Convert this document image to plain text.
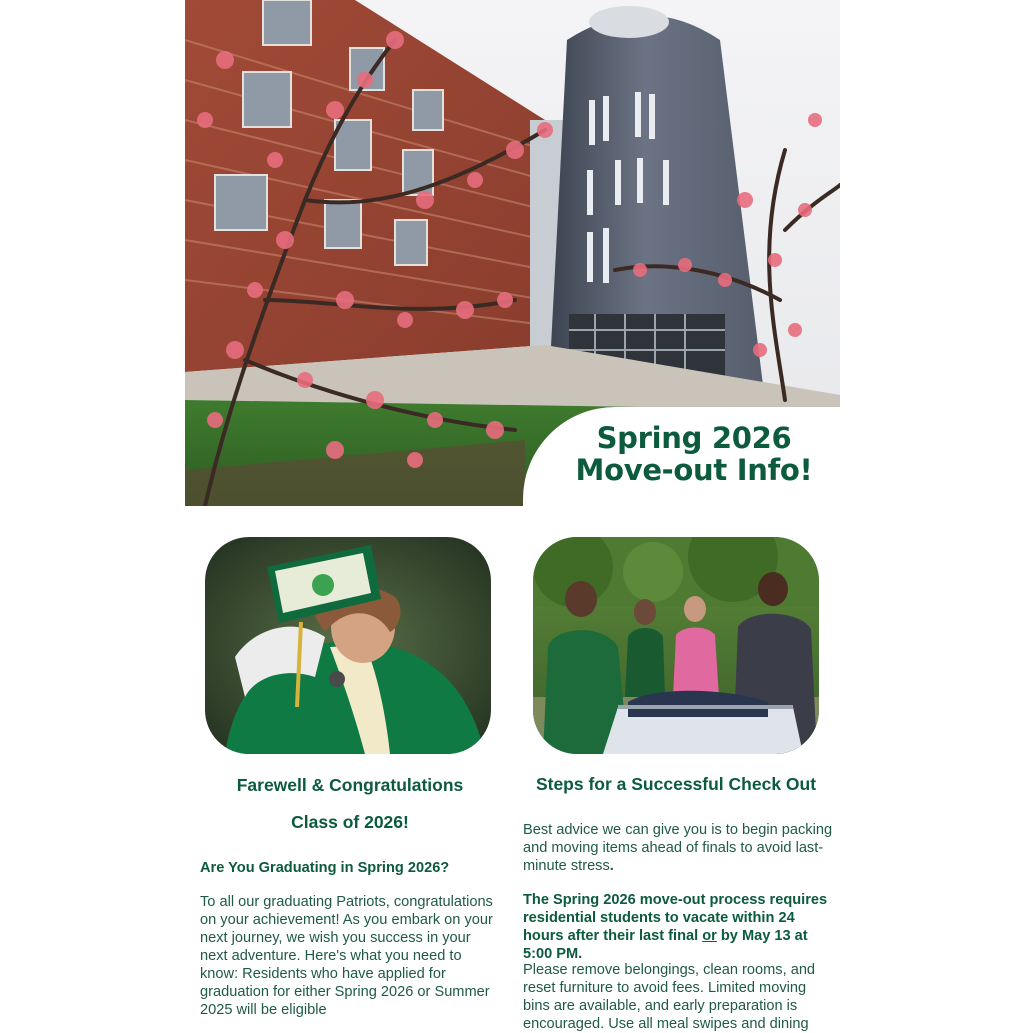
Spring 2026
Move-out Info!
Farewell & Congratulations
Class of 2026!
Are You Graduating in Spring 2026?

To all our graduating Patriots, congratulations on your achievement! As you embark on your next journey, we wish you success in your next adventure. Here's what you need to know: Residents who have applied for graduation for either Spring 2026 or Summer 2025 will be eligible

Steps for a Successful Check Out

Best advice we can give you is to begin packing and moving items ahead of finals to avoid last-minute stress.

The Spring 2026 move-out process requires residential students to vacate within 24 hours after their last final or by May 13 at 5:00 PM.

Please remove belongings, clean rooms, and reset furniture to avoid fees. Limited moving bins are available, and early preparation is encouraged. Use all meal swipes and dining
